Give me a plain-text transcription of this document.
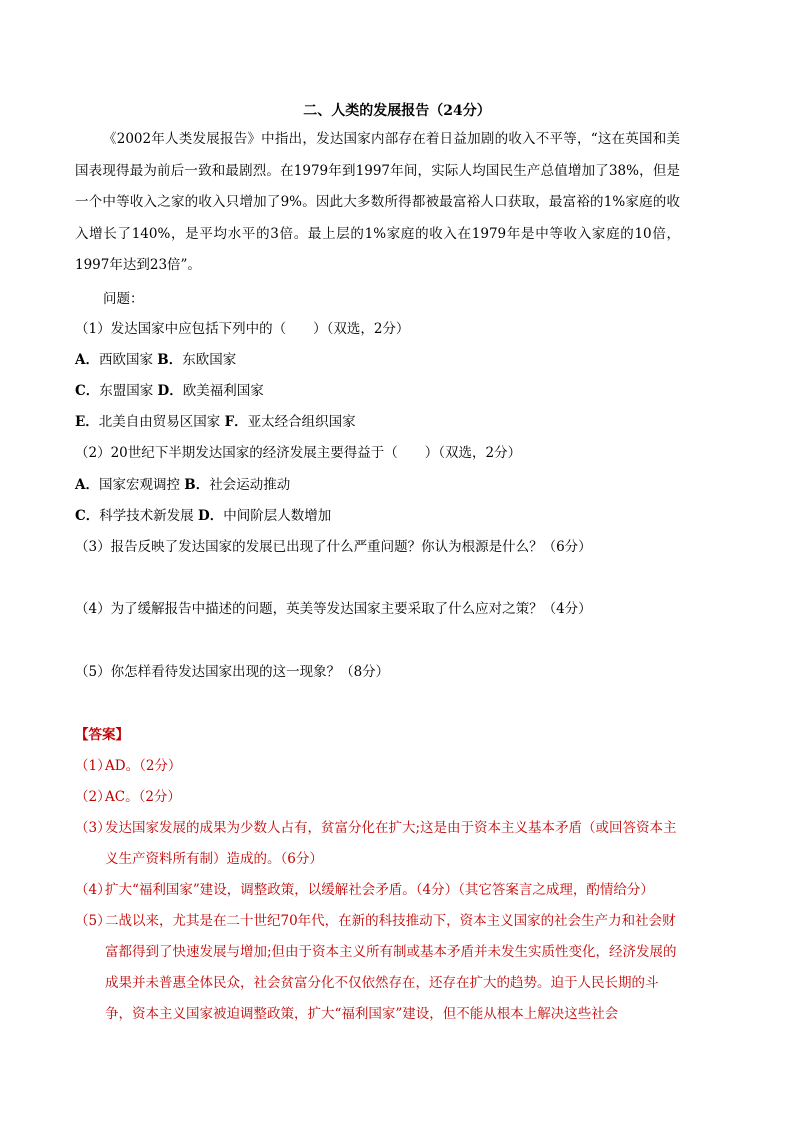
二、人类的发展报告（24分）
《2002年人类发展报告》中指出，发达国家内部存在着日益加剧的收入不平等，“这在英国和美国表现得最为前后一致和最剧烈。在1979年到1997年间，实际人均国民生产总值增加了38%，但是一个中等收入之家的收入只增加了9%。因此大多数所得都被最富裕人口获取，最富裕的1%家庭的收入增长了140%，是平均水平的3倍。最上层的1%家庭的收入在1979年是中等收入家庭的10倍，1997年达到23倍”。
问题：
（1）发达国家中应包括下列中的（　　）（双选，2分）
A．西欧国家 B．东欧国家
C．东盟国家 D．欧美福利国家
E．北美自由贸易区国家 F．亚太经合组织国家
（2）20世纪下半期发达国家的经济发展主要得益于（　　）（双选，2分）
A．国家宏观调控 B．社会运动推动
C．科学技术新发展 D．中间阶层人数增加
（3）报告反映了发达国家的发展已出现了什么严重问题？你认为根源是什么？（6分）
（4）为了缓解报告中描述的问题，英美等发达国家主要采取了什么应对之策？（4分）
（5）你怎样看待发达国家出现的这一现象？（8分）
【答案】
（1）
AD。（2分）
（2）
AC。（2分）
（3）
发达国家发展的成果为少数人占有，贫富分化在扩大;这是由于资本主义基本矛盾（或回答资本主义生产资料所有制）造成的。（6分）
（4）
扩大“福利国家”建设，调整政策，以缓解社会矛盾。（4分）（其它答案言之成理，酌情给分）
（5）
二战以来，尤其是在二十世纪70年代，在新的科技推动下，资本主义国家的社会生产力和社会财富都得到了快速发展与增加;但由于资本主义所有制或基本矛盾并未发生实质性变化，经济发展的成果并未普惠全体民众，社会贫富分化不仅依然存在，还存在扩大的趋势。迫于人民长期的斗争，资本主义国家被迫调整政策，扩大“福利国家”建设，但不能从根本上解决这些社会
